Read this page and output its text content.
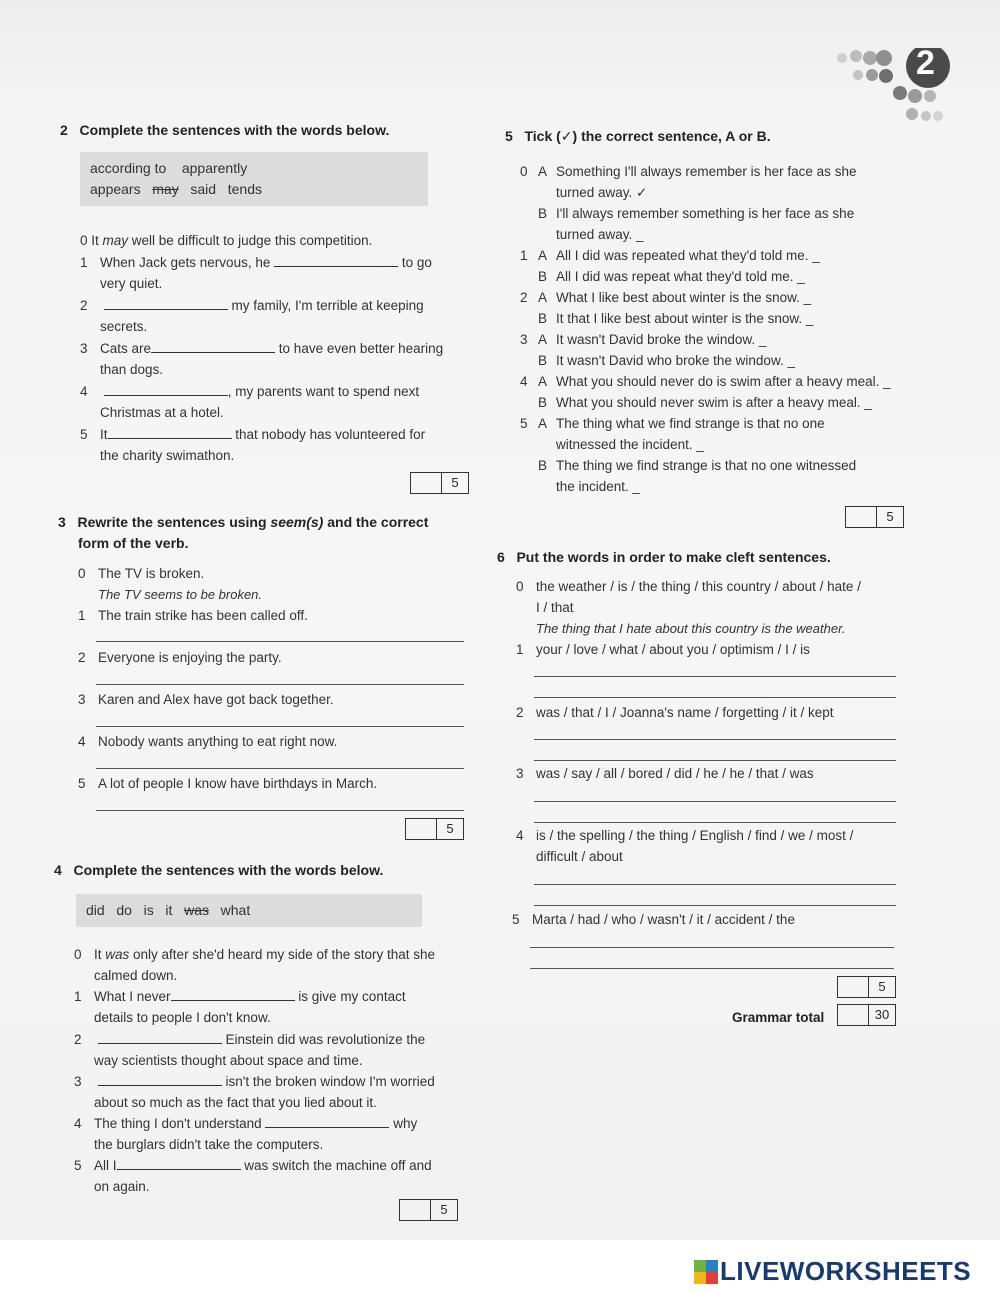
2
2 Complete the sentences with the words below.
according to apparently
appears may said tends
0 It may well be difficult to judge this competition.
1 When Jack gets nervous, he	to go
very quiet.
2	my family, I'm terrible at keeping
secrets.
3 Cats are	to have even better hearing
than dogs.
4	, my parents want to spend next
Christmas at a hotel.
5 It	that nobody has volunteered for
the charity swimathon.
5
3 Rewrite the sentences using seem(s) and the correct
form of the verb.
0 The TV is broken.
The TV seems to be broken.
1 The train strike has been called off.
2 Everyone is enjoying the party.
3 Karen and Alex have got back together.
4 Nobody wants anything to eat right now.
5 A lot of people I know have birthdays in March.
5
4 Complete the sentences with the words below.
did do is it was what
0 It was only after she'd heard my side of the story that she
calmed down.
1 What I never	is give my contact
details to people I don't know.
2	Einstein did was revolutionize the
way scientists thought about space and time.
3	isn't the broken window I'm worried
about so much as the fact that you lied about it.
4 The thing I don't understand	why
the burglars didn't take the computers.
5 All I	was switch the machine off and
on again.
5
5 Tick (✓) the correct sentence, A or B.
0 A Something I'll always remember is her face as she
turned away. ✓
B I'll always remember something is her face as she
turned away. _
1 A All I did was repeated what they'd told me. _
B All I did was repeat what they'd told me. _
2 A What I like best about winter is the snow. _
B It that I like best about winter is the snow. _
3 A It wasn't David broke the window. _
B It wasn't David who broke the window. _
4 A What you should never do is swim after a heavy meal. _
B What you should never swim is after a heavy meal. _
5 A The thing what we find strange is that no one
witnessed the incident. _
B The thing we find strange is that no one witnessed
the incident. _
5
6 Put the words in order to make cleft sentences.
0 the weather / is / the thing / this country / about / hate /
I / that
The thing that I hate about this country is the weather.
1 your / love / what / about you / optimism / I / is
2 was / that / I / Joanna's name / forgetting / it / kept
3 was / say / all / bored / did / he / he / that / was
4 is / the spelling / the thing / English / find / we / most /
difficult / about
5 Marta / had / who / wasn't / it / accident / the
5
Grammar total	30
LIVEWORKSHEETS
